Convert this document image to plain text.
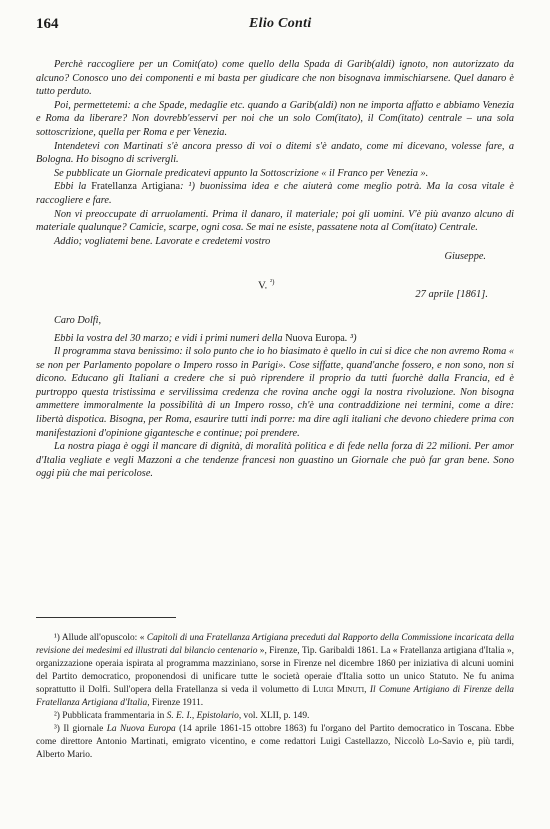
164	Elio Conti

Perchè raccogliere per un Comit(ato) come quello della Spada di Garib(aldi) ignoto, non autorizzato da alcuno? Conosco uno dei componenti e mi basta per giudicare che non bisognava immischiarsene. Quel danaro è tutto perduto.

Poi, permettetemi: a che Spade, medaglie etc. quando a Garib(aldi) non ne importa affatto e abbiamo Venezia e Roma da liberare? Non dovrebb'esservi per noi che un solo Com(itato), il Com(itato) centrale – una sola sottoscrizione, quella per Roma e per Venezia.

Intendetevi con Martinati s'è ancora presso di voi o ditemi s'è andato, come mi dicevano, volesse fare, a Bologna. Ho bisogno di scrivergli.

Se pubblicate un Giornale predicatevi appunto la Sottoscrizione « il Franco per Venezia ».

Ebbi la Fratellanza Artigiana: ¹) buonissima idea e che aiuterà come meglio potrà. Ma la cosa vitale è raccogliere e fare.

Non vi preoccupate di arruolamenti. Prima il danaro, il materiale; poi gli uomini. V'è più avanzo alcuno di materiale qualunque? Camicie, scarpe, ogni cosa. Se mai ne esiste, passatene nota al Com(itato) Centrale.

Addio; vogliatemi bene. Lavorate e credetemi vostro

Giuseppe.

V. $^{^2)}$
27 aprile [1861].

Caro Dolfi,

Ebbi la vostra del 30 marzo; e vidi i primi numeri della Nuova Europa. ³)

Il programma stava benissimo: il solo punto che io ho biasimato è quello in cui si dice che non avremo Roma « se non per Parlamento popolare o Impero rosso in Parigi». Cose siffatte, quand'anche fossero, e non sono, non si dicono. Educano gli Italiani a credere che si può riprendere il proprio da tutti fuorchè dalla Francia, ed è purtroppo questa tristissima e servilissima credenza che rovina anche oggi la nostra rivoluzione. Non bisogna ammettere immoralmente la possibilità di un Impero rosso, ch'è una contraddizione nei termini, come a dire: libertà dispotica. Bisogna, per Roma, esaurire tutti indi porre: ma dire agli italiani che devono chiedere prima con manifestazioni d'opinione gigantesche e continue; poi prendere.

La nostra piaga è oggi il mancare di dignità, di moralità politica e di fede nella forza di 22 milioni. Per amor d'Italia vegliate e vegli Mazzoni a che tendenze francesi non guastino un Giornale che può far gran bene. Sono oggi più che mai pericolose.

¹) Allude all'opuscolo: « Capitoli di una Fratellanza Artigiana preceduti dal Rapporto della Commissione incaricata della revisione dei medesimi ed illustrati dal bilancio centenario », Firenze, Tip. Garibaldi 1861. La « Fratellanza artigiana d'Italia », organizzazione operaia ispirata al programma mazziniano, sorse in Firenze nel dicembre 1860 per iniziativa di alcuni uomini del Partito democratico, proponendosi di unificare tutte le società operaie d'Italia sotto un unico Statuto. Ne fu anima soprattutto il Dolfi. Sull'opera della Fratellanza si veda il volumetto di Luigi Minuti, Il Comune Artigiano di Firenze della Fratellanza Artigiana d'Italia, Firenze 1911.

²) Pubblicata frammentaria in S. E. I., Epistolario, vol. XLII, p. 149.

³) Il giornale La Nuova Europa (14 aprile 1861-15 ottobre 1863) fu l'organo del Partito democratico in Toscana. Ebbe come direttore Antonio Martinati, emigrato vicentino, e come redattori Luigi Castellazzo, Niccolò Lo-Savio e, più tardi, Alberto Mario.
